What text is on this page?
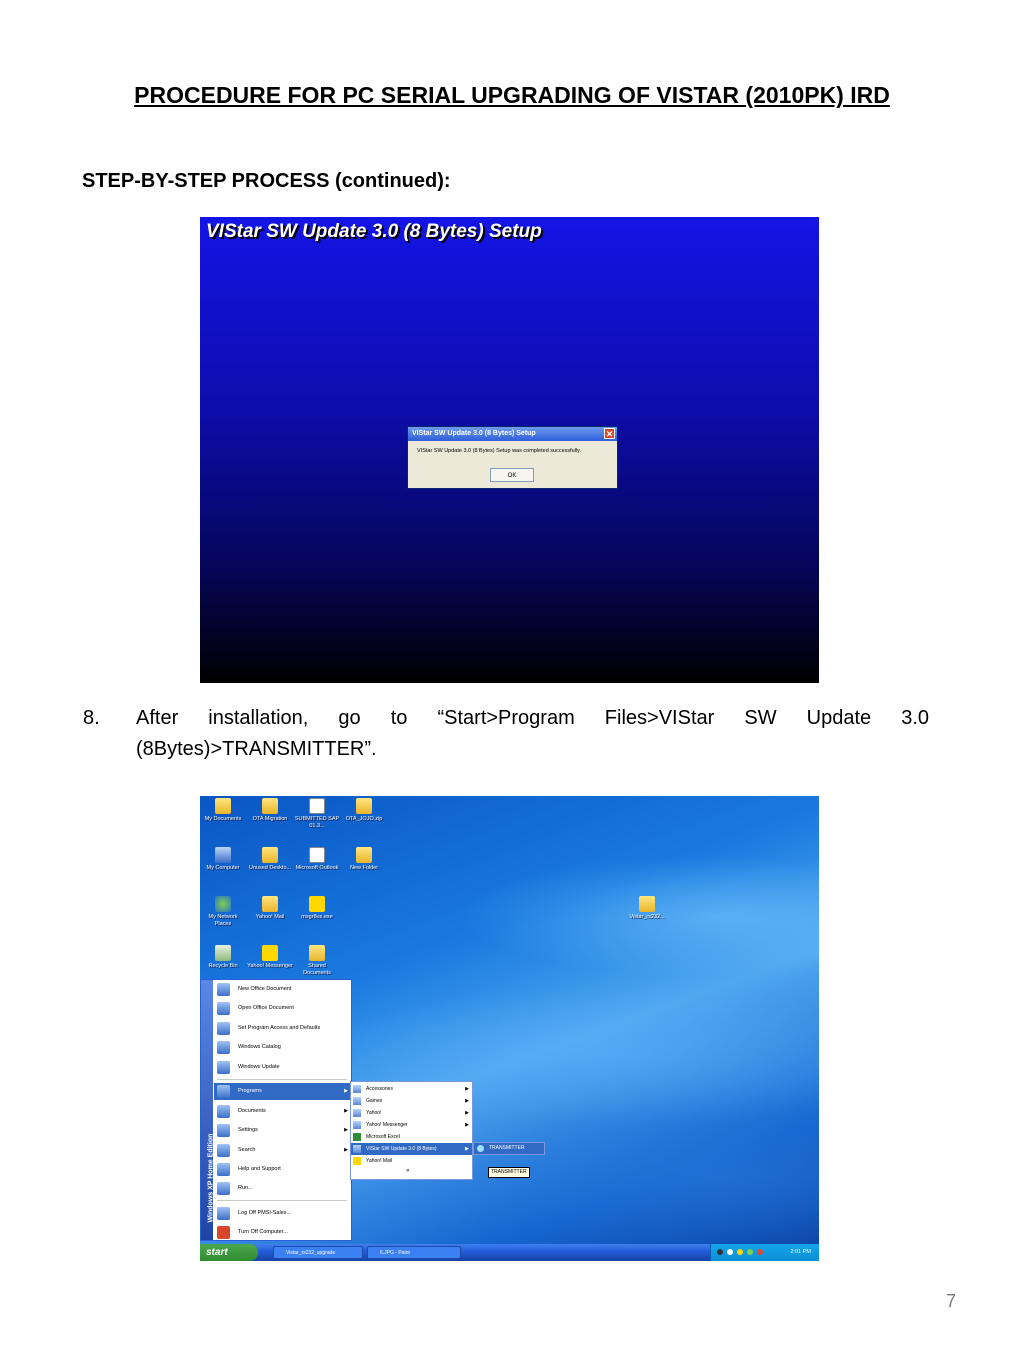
PROCEDURE FOR PC SERIAL UPGRADING OF VISTAR (2010PK) IRD
STEP-BY-STEP PROCESS (continued):
VIStar SW Update 3.0 (8 Bytes) Setup
VIStar SW Update 3.0 (8 Bytes) Setup	✕
VIStar SW Update 3.0 (8 Bytes) Setup was completed successfully.
OK
8. After installation, go to “Start>Program Files>VIStar SW Update 3.0 (8Bytes)>TRANSMITTER”.
My Documents	OTA Migration	SUBMITTED SAP 01.3...
OTA_JOJO.zip
My Computer	Unused Deskto... Microsoft Outlook	New Folder
My Network Places
Yahoo! Mail	msgr8us.exe	Vistar_rs232...
Recycle Bin	Yahoo! Messenger	Shared Documents
Windows XP Home Edition
New Office Document
Open Office Document
Set Program Access and Defaults
Windows Catalog
Windows Update
Programs	▶
Documents	▶
Settings	▶
Search	▶
Help and Support
Run...
Log Off PMSI-Sales...
Turn Off Computer...
Accessories	▶
Games	▶
Yahoo!	▶
Yahoo! Messenger	▶
Microsoft Excel
VIStar SW Update 3.0 (8 Bytes)	▶
Yahoo! Mail
»
TRANSMITTER
TRANSMITTER
start	Vistar_rs232_upgrade	6.JPG - Paint	2:01 PM
7
